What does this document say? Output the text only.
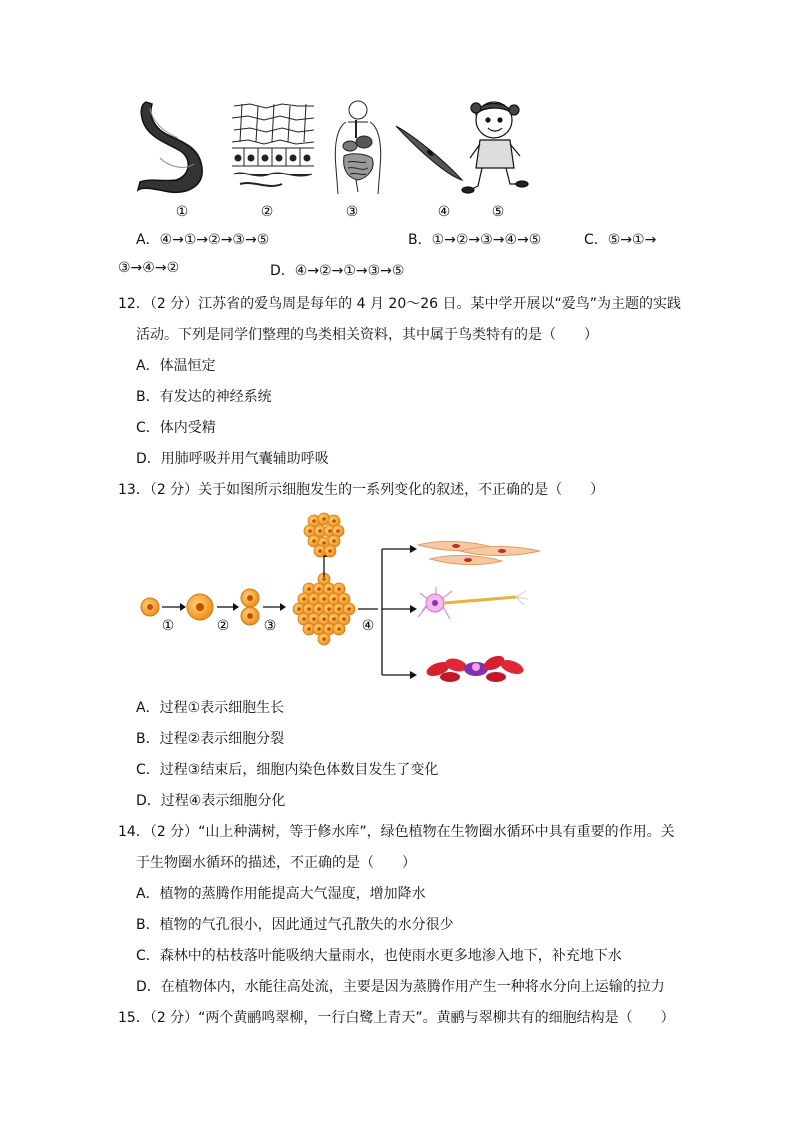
①	②	③	④	⑤
A．④→①→②→③→⑤	B．①→②→③→④→⑤	C．⑤→①→
③→④→②	D．④→②→①→③→⑤
12．（2 分）江苏省的爱鸟周是每年的 4 月 20～26 日。某中学开展以“爱鸟”为主题的实践
活动。下列是同学们整理的鸟类相关资料，其中属于鸟类特有的是（　　）
A．体温恒定
B．有发达的神经系统
C．体内受精
D．用肺呼吸并用气囊辅助呼吸
13．（2 分）关于如图所示细胞发生的一系列变化的叙述，不正确的是（　　）
①	② ③	④
A．过程①表示细胞生长
B．过程②表示细胞分裂
C．过程③结束后，细胞内染色体数目发生了变化
D．过程④表示细胞分化
14．（2 分）“山上种满树，等于修水库”，绿色植物在生物圈水循环中具有重要的作用。关
于生物圈水循环的描述，不正确的是（　　）
A．植物的蒸腾作用能提高大气湿度，增加降水
B．植物的气孔很小，因此通过气孔散失的水分很少
C．森林中的枯枝落叶能吸纳大量雨水，也使雨水更多地渗入地下，补充地下水
D．在植物体内，水能往高处流，主要是因为蒸腾作用产生一种将水分向上运输的拉力
15．（2 分）“两个黄鹂鸣翠柳，一行白鹭上青天”。黄鹂与翠柳共有的细胞结构是（　　）
